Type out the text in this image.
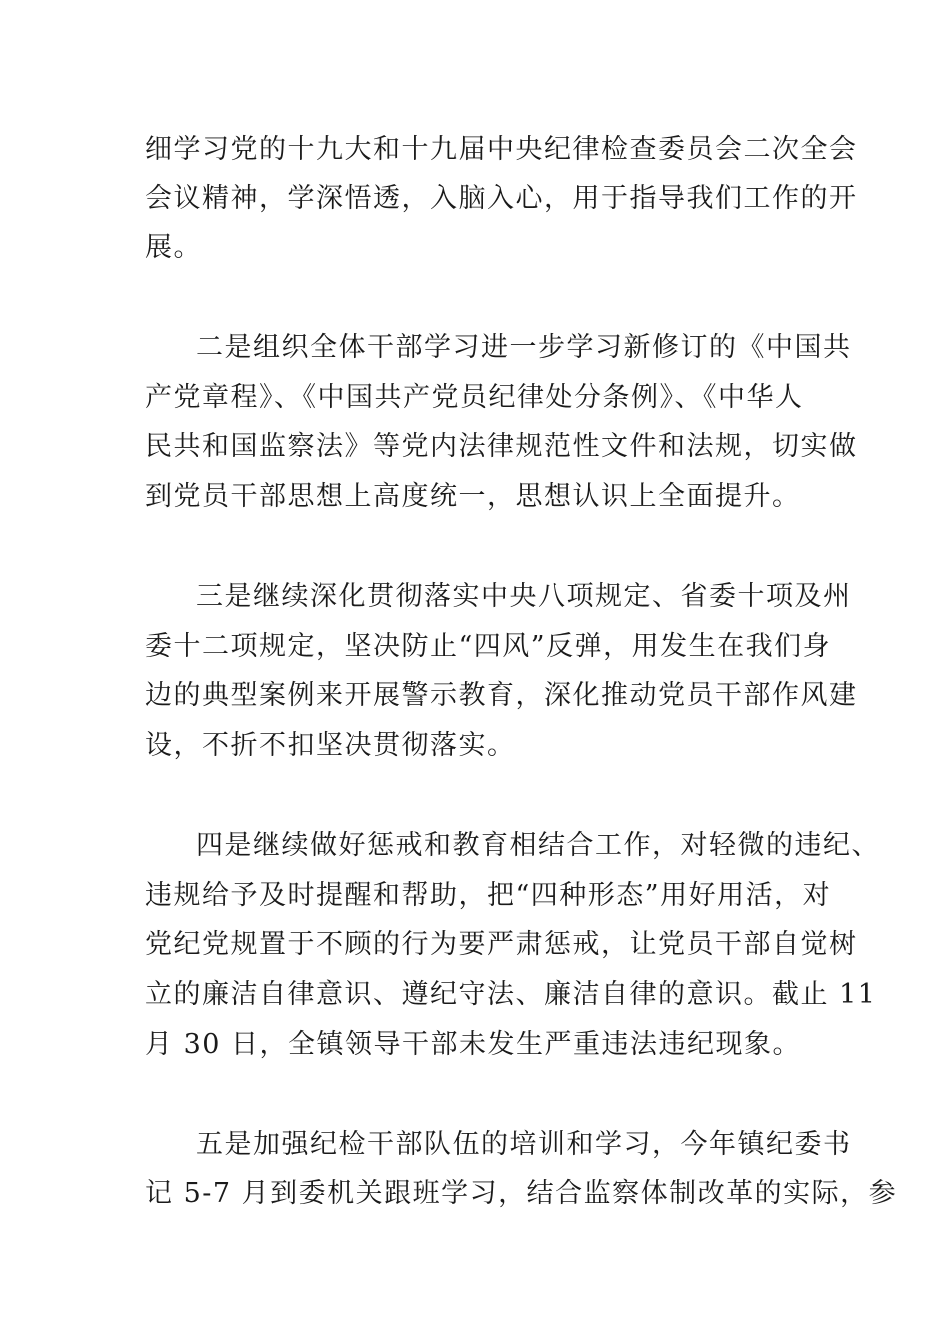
细学习党的十九大和十九届中央纪律检查委员会二次全会
会议精神，学深悟透，入脑入心，用于指导我们工作的开
展。
二是组织全体干部学习进一步学习新修订的《中国共
产党章程》、《中国共产党员纪律处分条例》、《中华人
民共和国监察法》等党内法律规范性文件和法规，切实做
到党员干部思想上高度统一，思想认识上全面提升。
三是继续深化贯彻落实中央八项规定、省委十项及州
委十二项规定，坚决防止“四风”反弹，用发生在我们身
边的典型案例来开展警示教育，深化推动党员干部作风建
设，不折不扣坚决贯彻落实。
四是继续做好惩戒和教育相结合工作，对轻微的违纪、
违规给予及时提醒和帮助，把“四种形态”用好用活，对
党纪党规置于不顾的行为要严肃惩戒，让党员干部自觉树
立的廉洁自律意识、遵纪守法、廉洁自律的意识。截止 11
月 30 日，全镇领导干部未发生严重违法违纪现象。
五是加强纪检干部队伍的培训和学习，今年镇纪委书
记 5-7 月到委机关跟班学习，结合监察体制改革的实际，参
